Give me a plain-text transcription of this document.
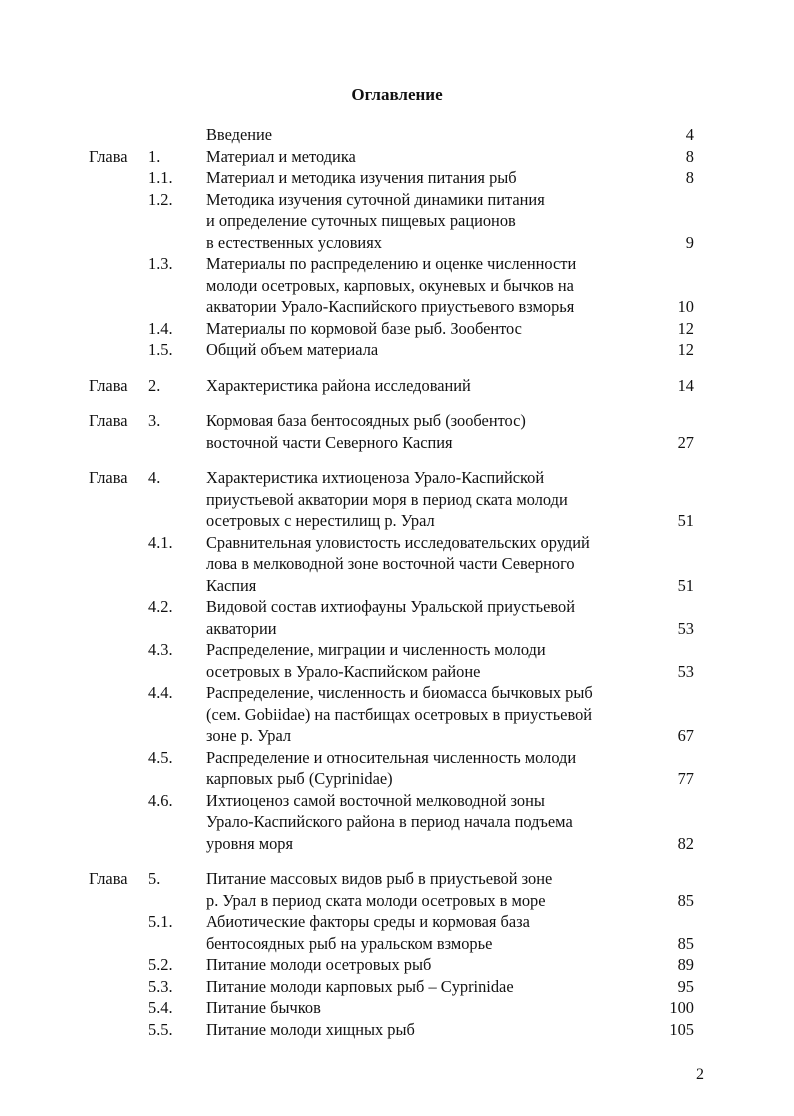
Оглавление
Введение	4
Глава 1.	Материал и методика	8
1.1. Материал и методика изучения питания рыб	8
1.2. Методика изучения суточной динамики питания
и определение суточных пищевых рационов
в естественных условиях	9
1.3. Материалы по распределению и оценке численности
молоди осетровых, карповых, окуневых и бычков на
акватории Урало-Каспийского приустьевого взморья	10
1.4. Материалы по кормовой базе рыб. Зообентос	12
1.5. Общий объем материала	12
Глава 2.	Характеристика района исследований	14
Глава 3.	Кормовая база бентосоядных рыб (зообентос)
восточной части Северного Каспия	27
Глава 4.	Характеристика ихтиоценоза Урало-Каспийской
приустьевой акватории моря в период ската молоди
осетровых с нерестилищ р. Урал	51
4.1. Сравнительная уловистость исследовательских орудий
лова в мелководной зоне восточной части Северного
Каспия	51
4.2. Видовой состав ихтиофауны Уральской приустьевой
акватории	53
4.3. Распределение, миграции и численность молоди
осетровых в Урало-Каспийском районе	53
4.4. Распределение, численность и биомасса бычковых рыб
(сем. Gobiidae) на пастбищах осетровых в приустьевой
зоне р. Урал	67
4.5. Распределение и относительная численность молоди
карповых рыб (Cyprinidae)	77
4.6. Ихтиоценоз самой восточной мелководной зоны
Урало-Каспийского района в период начала подъема
уровня моря	82
Глава 5.	Питание массовых видов рыб в приустьевой зоне
р. Урал в период ската молоди осетровых в море	85
5.1. Абиотические факторы среды и кормовая база
бентосоядных рыб на уральском взморье	85
5.2. Питание молоди осетровых рыб	89
5.3. Питание молоди карповых рыб – Cyprinidae	95
5.4. Питание бычков	100
5.5. Питание молоди хищных рыб	105
2
